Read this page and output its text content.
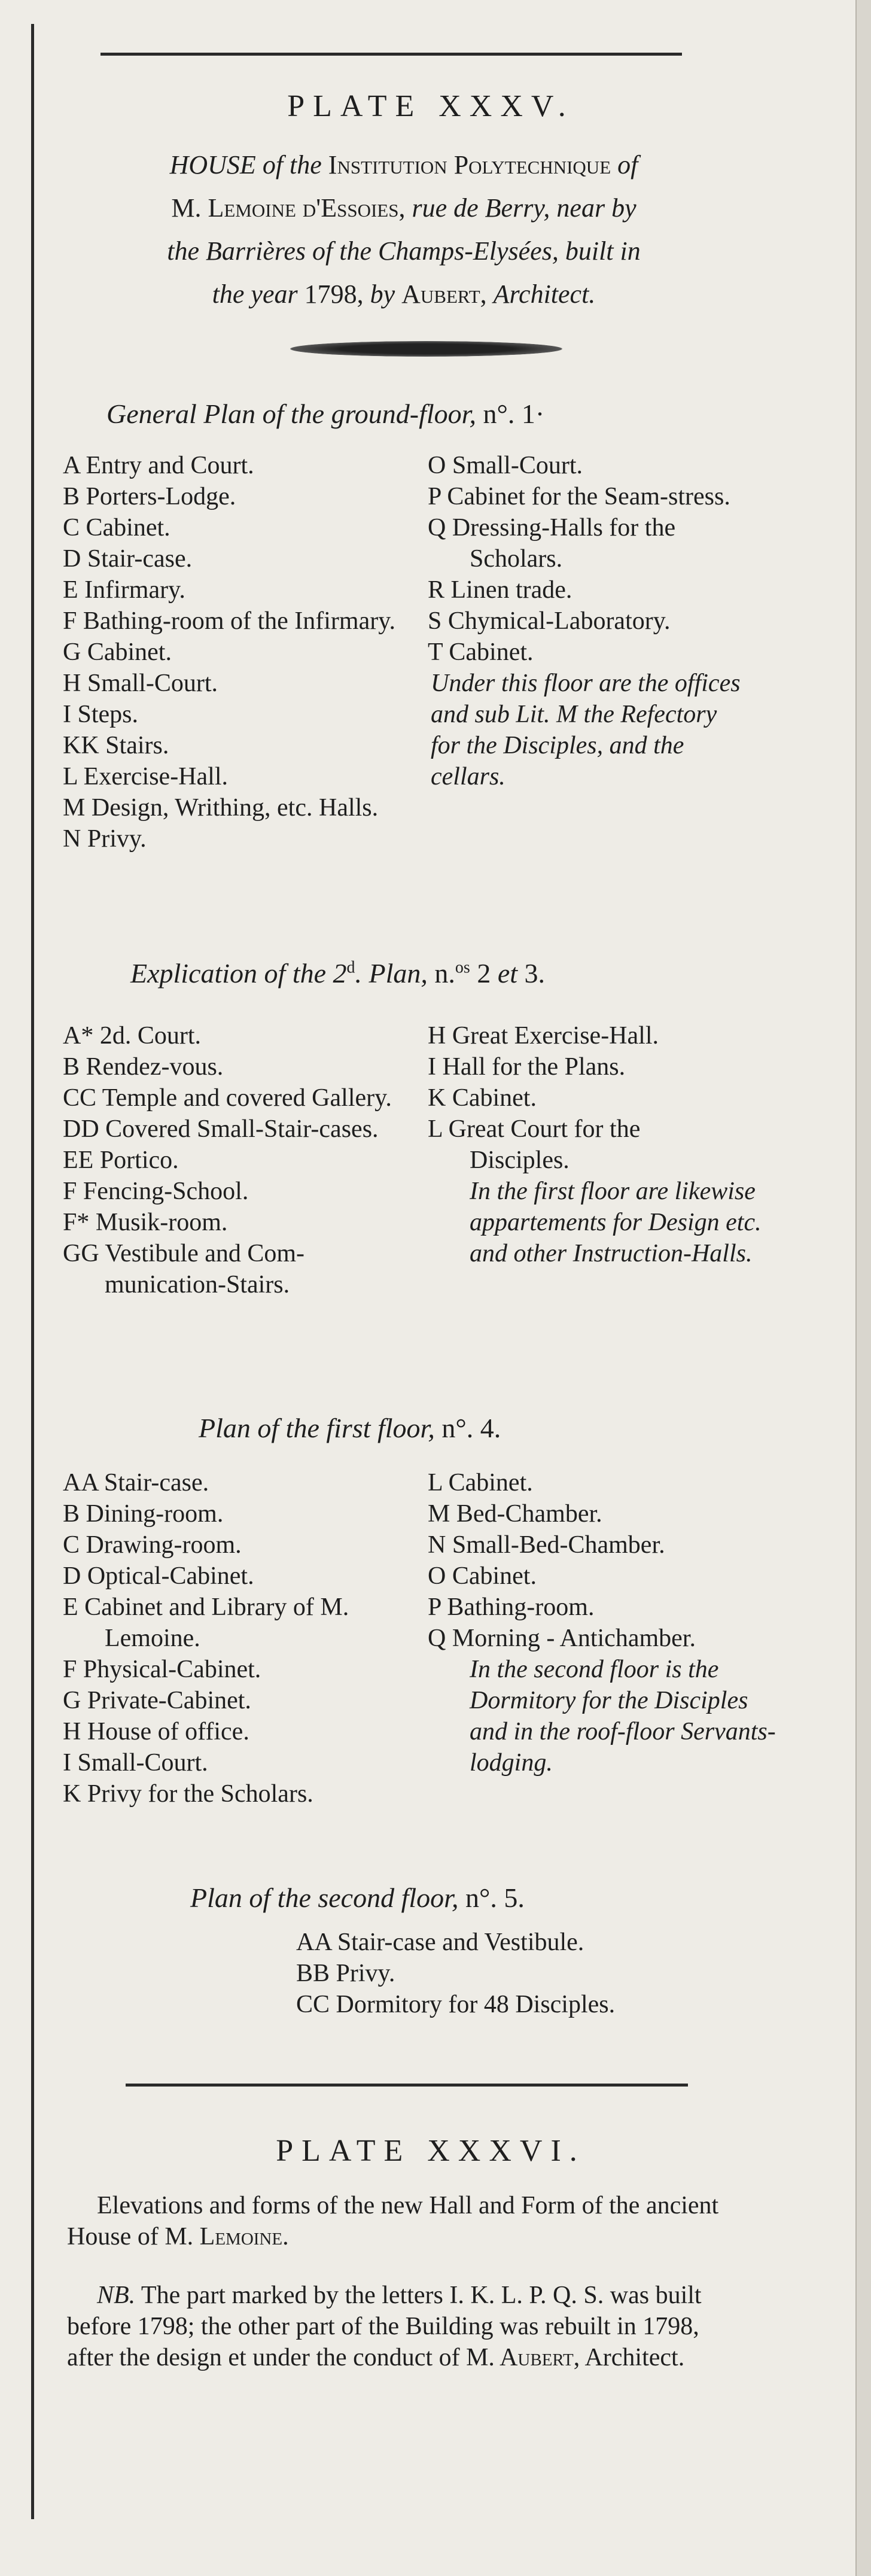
PLATE XXXV.
HOUSE of the Institution Polytechnique of
M. Lemoine d'Essoies, rue de Berry, near by
the Barrières of the Champs-Elysées, built in
the year 1798, by Aubert, Architect.
General Plan of the ground-floor, n°. 1·
A Entry and Court.
B Porters-Lodge.
C Cabinet.
D Stair-case.
E Infirmary.
F Bathing-room of the Infirmary.
G Cabinet.
H Small-Court.
I Steps.
KK Stairs.
L Exercise-Hall.
M Design, Writhing, etc. Halls.
N Privy.
O Small-Court.
P Cabinet for the Seam-stress.
Q Dressing-Halls for the Scholars.
R Linen trade.
S Chymical-Laboratory.
T Cabinet.
Under this floor are the offices and sub Lit. M the Refectory for the Disciples, and the cellars.
Explication of the 2$^d$. Plan, n.$^{os}$ 2 et 3.
A* 2d. Court.
B Rendez-vous.
CC Temple and covered Gallery.
DD Covered Small-Stair-cases.
EE Portico.
F Fencing-School.
F* Musik-room.
GG Vestibule and Com-munication-Stairs.
H Great Exercise-Hall.
I Hall for the Plans.
K Cabinet.
L Great Court for the Disciples.
In the first floor are likewise appartements for Design etc. and other Instruction-Halls.
Plan of the first floor, n°. 4.
AA Stair-case.
B Dining-room.
C Drawing-room.
D Optical-Cabinet.
E Cabinet and Library of M. Lemoine.
F Physical-Cabinet.
G Private-Cabinet.
H House of office.
I Small-Court.
K Privy for the Scholars.
L Cabinet.
M Bed-Chamber.
N Small-Bed-Chamber.
O Cabinet.
P Bathing-room.
Q Morning - Antichamber.
In the second floor is the Dormitory for the Disciples and in the roof-floor Servants-lodging.
Plan of the second floor, n°. 5.
AA Stair-case and Vestibule.
BB Privy.
CC Dormitory for 48 Disciples.
PLATE XXXVI.
Elevations and forms of the new Hall and Form of the ancient House of M. Lemoine.
NB. The part marked by the letters I. K. L. P. Q. S. was built before 1798; the other part of the Building was rebuilt in 1798, after the design et under the conduct of M. Aubert, Architect.
